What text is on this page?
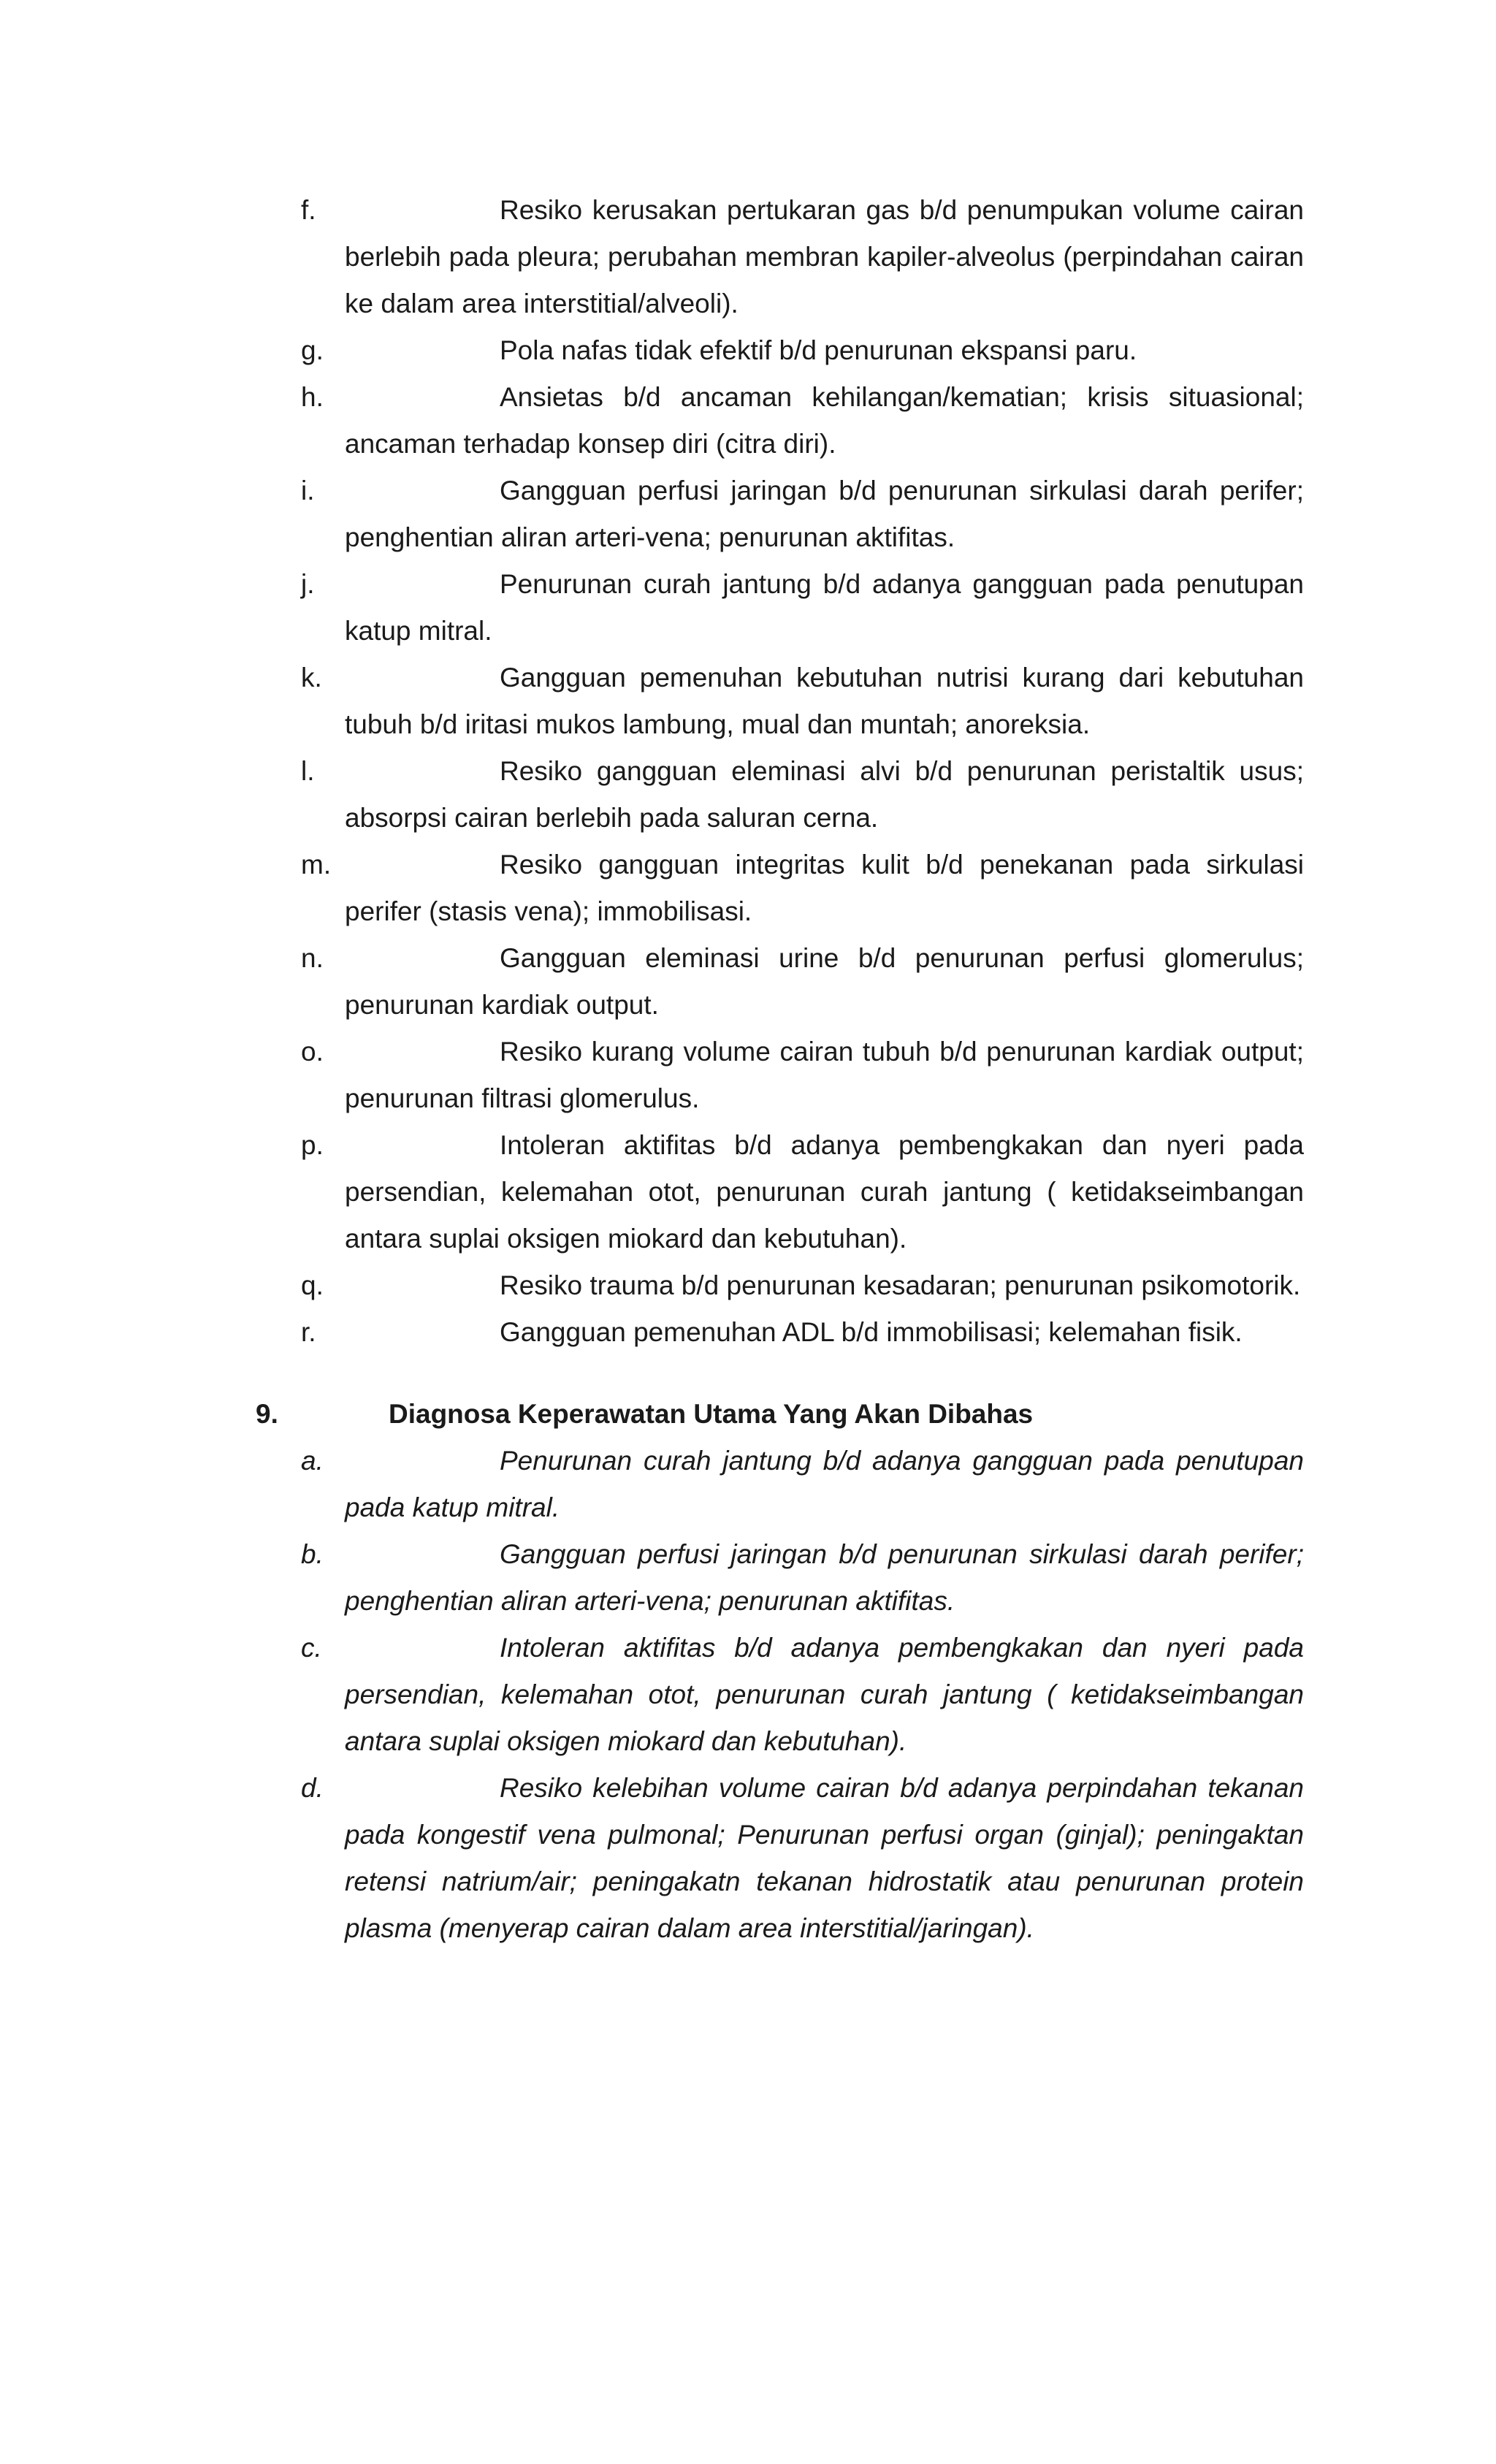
f.	Resiko kerusakan pertukaran gas b/d penumpukan volume cairan berlebih pada pleura; perubahan membran kapiler-alveolus (perpindahan cairan ke dalam area interstitial/alveoli).
g.	Pola nafas tidak efektif b/d penurunan ekspansi paru.
h.	Ansietas b/d ancaman kehilangan/kematian; krisis situasional; ancaman terhadap konsep diri (citra diri).
i.	Gangguan perfusi jaringan b/d penurunan sirkulasi darah perifer; penghentian aliran arteri-vena; penurunan aktifitas.
j.	Penurunan curah jantung b/d adanya gangguan pada penutupan katup mitral.
k.	Gangguan pemenuhan kebutuhan nutrisi kurang dari kebutuhan tubuh b/d iritasi mukos lambung, mual dan muntah; anoreksia.
l.	Resiko gangguan eleminasi alvi b/d penurunan peristaltik usus; absorpsi cairan berlebih pada saluran cerna.
m.	Resiko gangguan integritas kulit b/d penekanan pada sirkulasi perifer (stasis vena); immobilisasi.
n.	Gangguan eleminasi urine b/d penurunan perfusi glomerulus; penurunan kardiak output.
o.	Resiko kurang volume cairan tubuh b/d penurunan kardiak output; penurunan filtrasi glomerulus.
p.	Intoleran aktifitas b/d adanya pembengkakan dan nyeri pada persendian, kelemahan otot, penurunan curah jantung ( ketidakseimbangan antara suplai oksigen miokard dan kebutuhan).
q.	Resiko trauma b/d penurunan kesadaran; penurunan psikomotorik.
r.	Gangguan pemenuhan ADL b/d immobilisasi; kelemahan fisik.
9.	Diagnosa Keperawatan Utama Yang Akan Dibahas
a.	Penurunan curah jantung b/d adanya gangguan pada penutupan pada katup mitral.
b.	Gangguan perfusi jaringan b/d penurunan sirkulasi darah perifer; penghentian aliran arteri-vena; penurunan aktifitas.
c.	Intoleran aktifitas b/d adanya pembengkakan dan nyeri pada persendian, kelemahan otot, penurunan curah jantung ( ketidakseimbangan antara suplai oksigen miokard dan kebutuhan).
d.	Resiko kelebihan volume cairan b/d adanya perpindahan tekanan pada kongestif vena pulmonal; Penurunan perfusi organ (ginjal); peningaktan retensi natrium/air; peningakatn tekanan hidrostatik atau penurunan protein plasma (menyerap cairan dalam area interstitial/jaringan).
